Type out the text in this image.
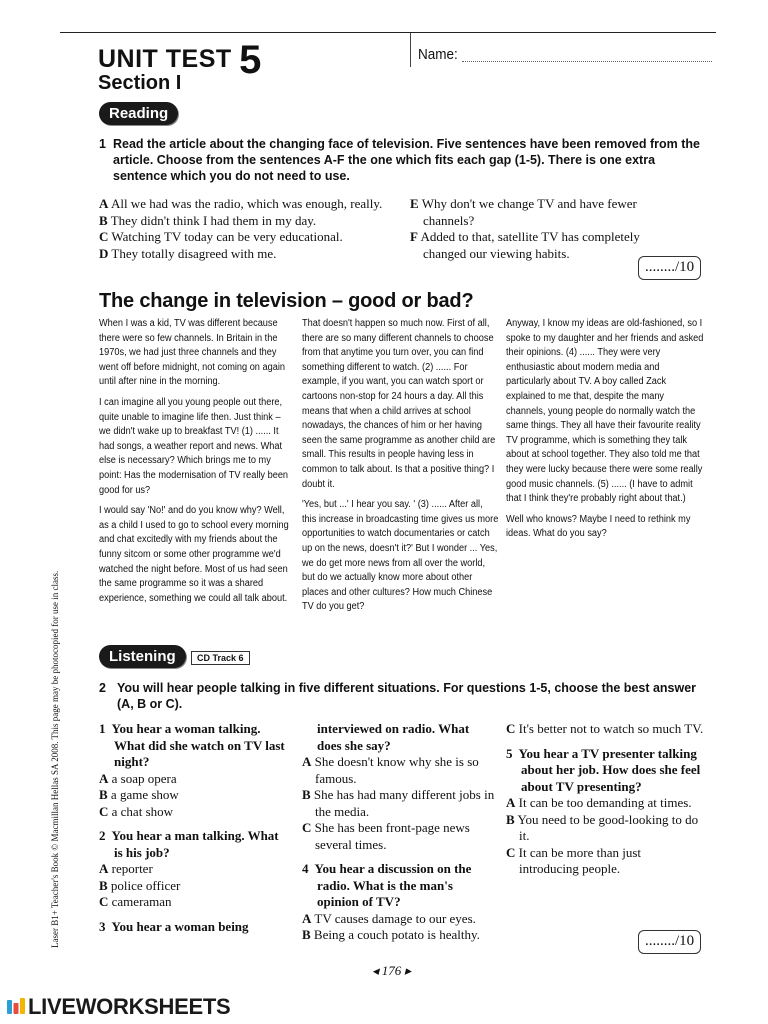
UNIT TEST 5	Name:
Section I
Reading
1 Read the article about the changing face of television. Five sentences have been removed from the article. Choose from the sentences A-F the one which fits each gap (1-5). There is one extra sentence which you do not need to use.
A All we had was the radio, which was enough, really.
B They didn't think I had them in my day.
C Watching TV today can be very educational.
D They totally disagreed with me.
E Why don't we change TV and have fewer channels?
F Added to that, satellite TV has completely changed our viewing habits.
......../10
The change in television – good or bad?

When I was a kid, TV was different because there were so few channels. In Britain in the 1970s, we had just three channels and they went off before midnight, not coming on again until after nine in the morning.

I can imagine all you young people out there, quite unable to imagine life then. Just think – we didn't wake up to breakfast TV! (1) ...... It had songs, a weather report and news. What else is necessary? Which brings me to my point: Has the modernisation of TV really been good for us?

I would say 'No!' and do you know why? Well, as a child I used to go to school every morning and chat excitedly with my friends about the funny sitcom or some other programme we'd watched the night before. Most of us had seen the same programme so it was a shared experience, something we could all talk about.

That doesn't happen so much now. First of all, there are so many different channels to choose from that anytime you turn over, you can find something different to watch. (2) ...... For example, if you want, you can watch sport or cartoons non-stop for 24 hours a day. All this means that when a child arrives at school nowadays, the chances of him or her having seen the same programme as another child are small. This results in people having less in common to talk about. Is that a positive thing? I doubt it.

'Yes, but ...' I hear you say. ' (3) ...... After all, this increase in broadcasting time gives us more opportunities to watch documentaries or catch up on the news, doesn't it?' But I wonder ... Yes, we do get more news from all over the world, but do we actually know more about other places and other cultures? How much Chinese TV do you get?

Anyway, I know my ideas are old-fashioned, so I spoke to my daughter and her friends and asked their opinions. (4) ...... They were very enthusiastic about modern media and particularly about TV. A boy called Zack explained to me that, despite the many channels, young people do normally watch the same things. They all have their favourite reality TV programme, which is something they talk about at school together. They also told me that they were lucky because there were some really good music channels. (5) ...... (I have to admit that I think they're probably right about that.)

Well who knows? Maybe I need to rethink my ideas. What do you say?

Listening	CD Track 6
2 You will hear people talking in five different situations. For questions 1-5, choose the best answer (A, B or C).
1 You hear a woman talking. What did she watch on TV last night?

A a soap opera

B a game show

C a chat show

2 You hear a man talking. What is his job?

A reporter

B police officer

C cameraman

3 You hear a woman being
interviewed on radio. What does she say?

A She doesn't know why she is so famous.

B She has had many different jobs in the media.

C She has been front-page news several times.

4 You hear a discussion on the radio. What is the man's opinion of TV?

A TV causes damage to our eyes.

B Being a couch potato is healthy.

C It's better not to watch so much TV.

5 You hear a TV presenter talking about her job. How does she feel about TV presenting?

A It can be too demanding at times.

B You need to be good-looking to do it.

C It can be more than just introducing people.

......../10
Laser B1+ Teacher's Book © Macmillan Hellas SA 2008. This page may be photocopied for use in class.
◂ 176 ▸
LIVEWORKSHEETS
